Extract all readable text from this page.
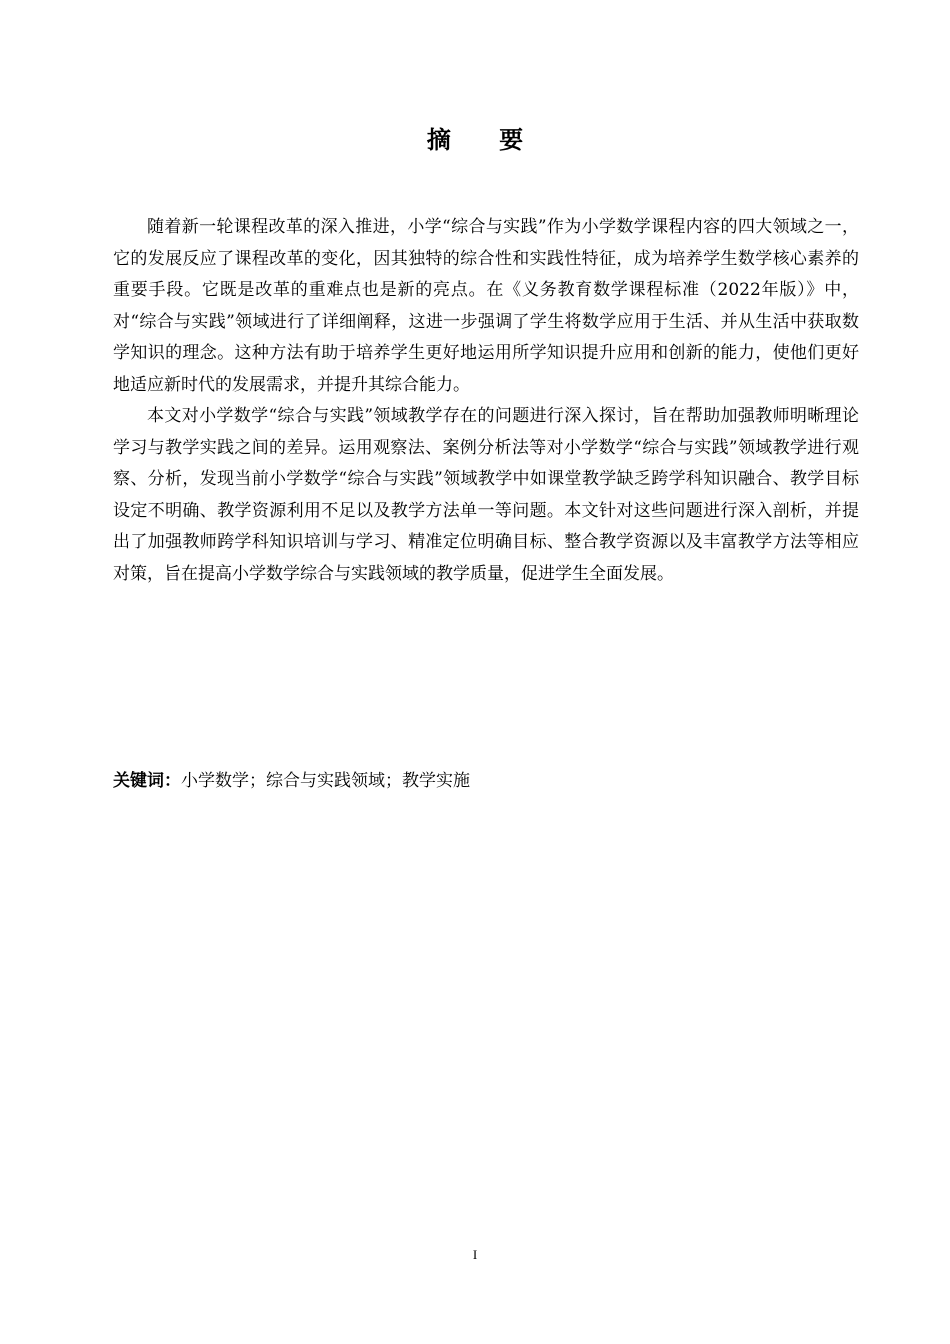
摘 要

随着新一轮课程改革的深入推进，小学“综合与实践”作为小学数学课程内容的四大领域之一，它的发展反应了课程改革的变化，因其独特的综合性和实践性特征，成为培养学生数学核心素养的重要手段。它既是改革的重难点也是新的亮点。在《义务教育数学课程标准（2022年版）》中，对“综合与实践”领域进行了详细阐释，这进一步强调了学生将数学应用于生活、并从生活中获取数学知识的理念。这种方法有助于培养学生更好地运用所学知识提升应用和创新的能力，使他们更好地适应新时代的发展需求，并提升其综合能力。

本文对小学数学“综合与实践”领域教学存在的问题进行深入探讨，旨在帮助加强教师明晰理论学习与教学实践之间的差异。运用观察法、案例分析法等对小学数学“综合与实践”领域教学进行观察、分析，发现当前小学数学“综合与实践”领域教学中如课堂教学缺乏跨学科知识融合、教学目标设定不明确、教学资源利用不足以及教学方法单一等问题。本文针对这些问题进行深入剖析，并提出了加强教师跨学科知识培训与学习、精准定位明确目标、整合教学资源以及丰富教学方法等相应对策，旨在提高小学数学综合与实践领域的教学质量，促进学生全面发展。

关键词：小学数学；综合与实践领域；教学实施
I
